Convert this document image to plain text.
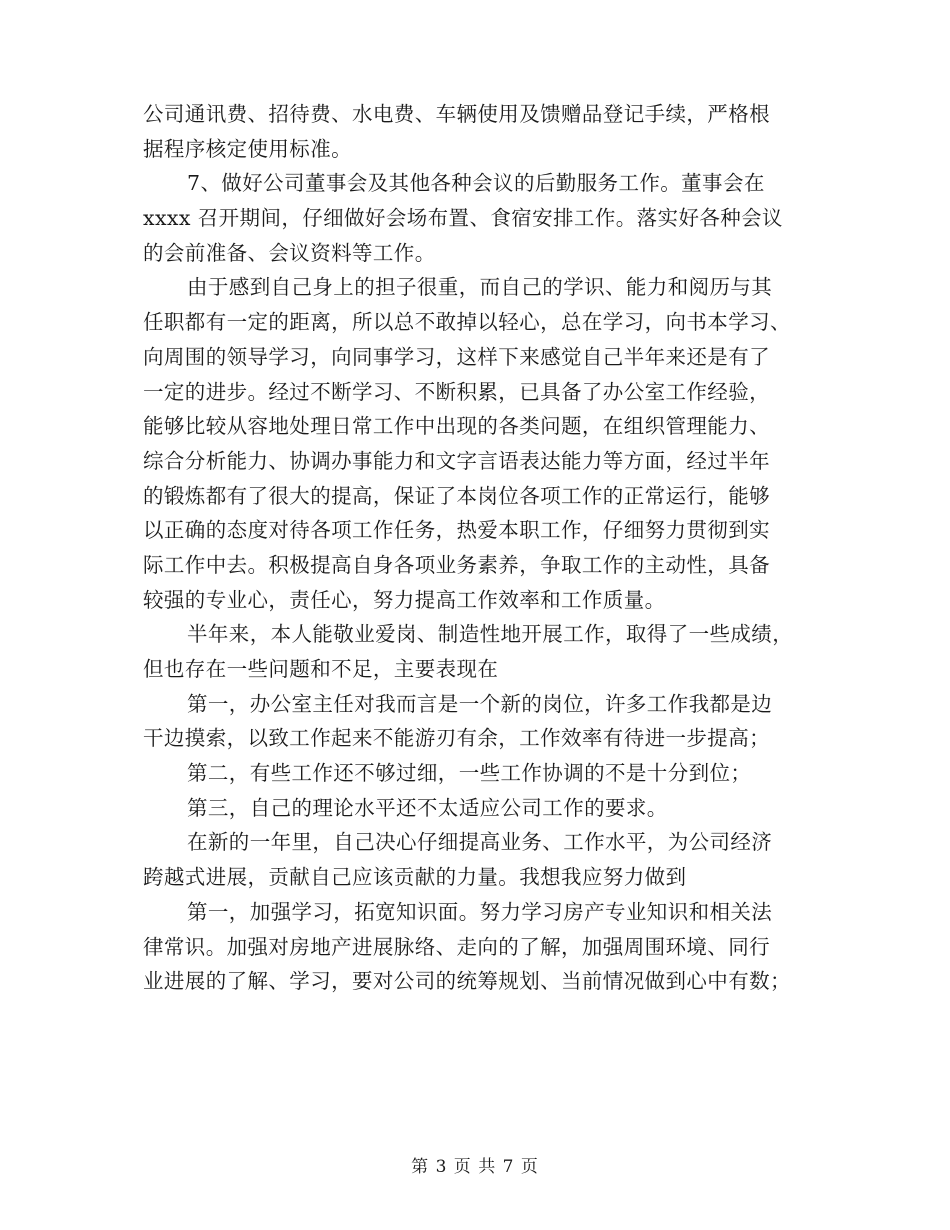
公司通讯费、招待费、水电费、车辆使用及馈赠品登记手续，严格根
据程序核定使用标准。

7、做好公司董事会及其他各种会议的后勤服务工作。董事会在
xxxx 召开期间，仔细做好会场布置、食宿安排工作。落实好各种会议
的会前准备、会议资料等工作。

由于感到自己身上的担子很重，而自己的学识、能力和阅历与其
任职都有一定的距离，所以总不敢掉以轻心，总在学习，向书本学习、
向周围的领导学习，向同事学习，这样下来感觉自己半年来还是有了
一定的进步。经过不断学习、不断积累，已具备了办公室工作经验，
能够比较从容地处理日常工作中出现的各类问题，在组织管理能力、
综合分析能力、协调办事能力和文字言语表达能力等方面，经过半年
的锻炼都有了很大的提高，保证了本岗位各项工作的正常运行，能够
以正确的态度对待各项工作任务，热爱本职工作，仔细努力贯彻到实
际工作中去。积极提高自身各项业务素养，争取工作的主动性，具备
较强的专业心，责任心，努力提高工作效率和工作质量。

半年来，本人能敬业爱岗、制造性地开展工作，取得了一些成绩，
但也存在一些问题和不足，主要表现在

第一，办公室主任对我而言是一个新的岗位，许多工作我都是边
干边摸索，以致工作起来不能游刃有余，工作效率有待进一步提高；

第二，有些工作还不够过细，一些工作协调的不是十分到位；

第三，自己的理论水平还不太适应公司工作的要求。

在新的一年里，自己决心仔细提高业务、工作水平，为公司经济
跨越式进展，贡献自己应该贡献的力量。我想我应努力做到

第一，加强学习，拓宽知识面。努力学习房产专业知识和相关法
律常识。加强对房地产进展脉络、走向的了解，加强周围环境、同行
业进展的了解、学习，要对公司的统筹规划、当前情况做到心中有数；

第 3 页 共 7 页
